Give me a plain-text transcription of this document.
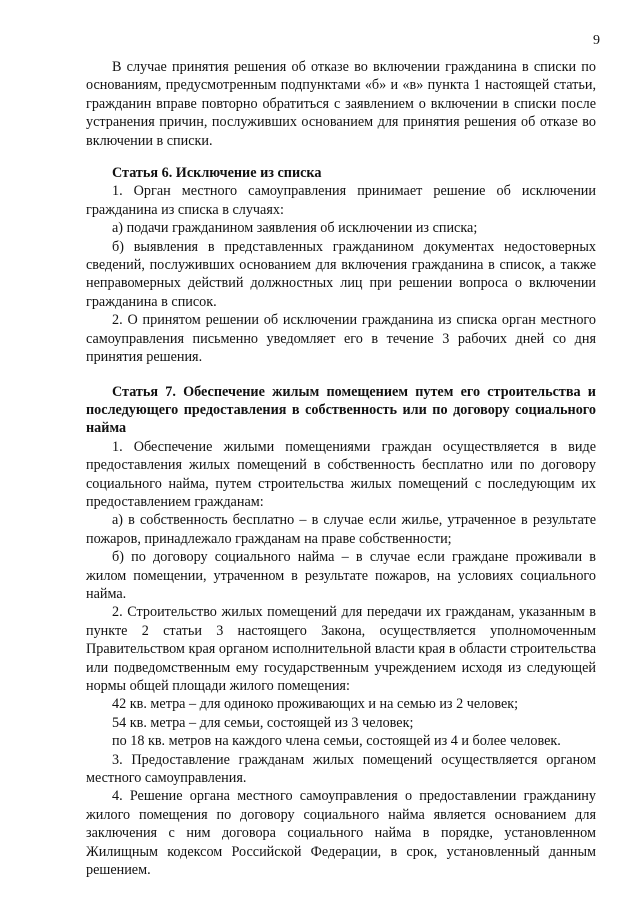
9

В случае принятия решения об отказе во включении гражданина в списки по основаниям, предусмотренным подпунктами «б» и «в» пункта 1 настоящей статьи, гражданин вправе повторно обратиться с заявлением о включении в списки после устранения причин, послуживших основанием для принятия решения об отказе во включении в списки.

Статья 6. Исключение из списка

1. Орган местного самоуправления принимает решение об исключении гражданина из списка в случаях:

а) подачи гражданином заявления об исключении из списка;

б) выявления в представленных гражданином документах недостоверных сведений, послуживших основанием для включения гражданина в список, а также неправомерных действий должностных лиц при решении вопроса о включении гражданина в список.

2. О принятом решении об исключении гражданина из списка орган местного самоуправления письменно уведомляет его в течение 3 рабочих дней со дня принятия решения.

Статья 7. Обеспечение жилым помещением путем его строительства и последующего предоставления в собственность или по договору социального найма

1. Обеспечение жилыми помещениями граждан осуществляется в виде предоставления жилых помещений в собственность бесплатно или по договору социального найма, путем строительства жилых помещений с последующим их предоставлением гражданам:

а) в собственность бесплатно – в случае если жилье, утраченное в результате пожаров, принадлежало гражданам на праве собственности;

б) по договору социального найма – в случае если граждане проживали в жилом помещении, утраченном в результате пожаров, на условиях социального найма.

2. Строительство жилых помещений для передачи их гражданам, указанным в пункте 2 статьи 3 настоящего Закона, осуществляется уполномоченным Правительством края органом исполнительной власти края в области строительства или подведомственным ему государственным учреждением исходя из следующей нормы общей площади жилого помещения:

42 кв. метра – для одиноко проживающих и на семью из 2 человек;

54 кв. метра – для семьи, состоящей из 3 человек;

по 18 кв. метров на каждого члена семьи, состоящей из 4 и более человек.

3. Предоставление гражданам жилых помещений осуществляется органом местного самоуправления.

4. Решение органа местного самоуправления о предоставлении гражданину жилого помещения по договору социального найма является основанием для заключения с ним договора социального найма в порядке, установленном Жилищным кодексом Российской Федерации, в срок, установленный данным решением.
